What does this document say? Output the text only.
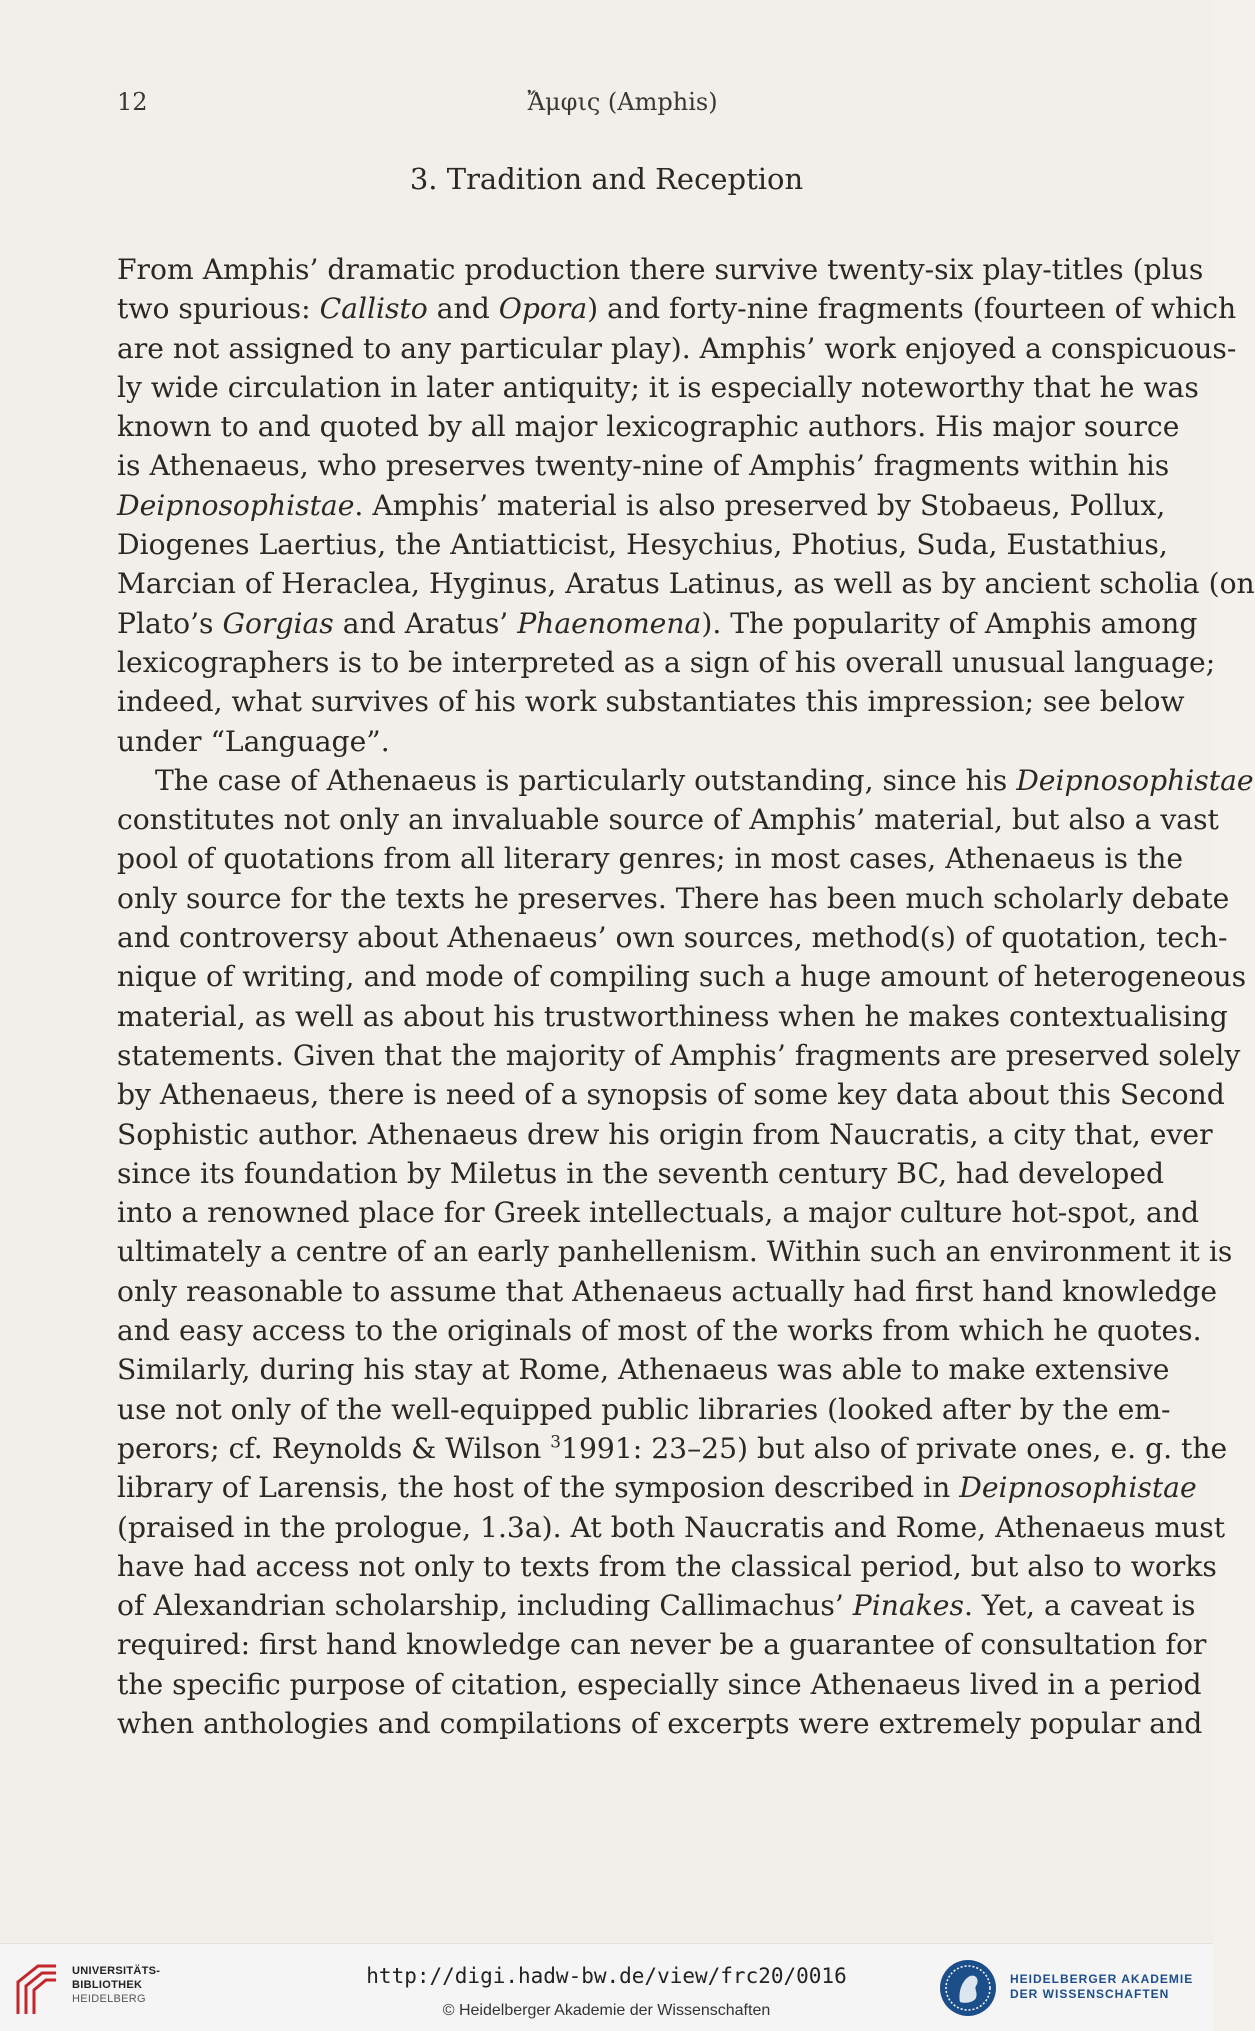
12	Ἄμφις (Amphis)
3. Tradition and Reception
From Amphis’ dramatic production there survive twenty-six play-titles (plus
two spurious: Callisto and Opora) and forty-nine fragments (fourteen of which
are not assigned to any particular play). Amphis’ work enjoyed a conspicuous-
ly wide circulation in later antiquity; it is especially noteworthy that he was
known to and quoted by all major lexicographic authors. His major source
is Athenaeus, who preserves twenty-nine of Amphis’ fragments within his
Deipnosophistae. Amphis’ material is also preserved by Stobaeus, Pollux,
Diogenes Laertius, the Antiatticist, Hesychius, Photius, Suda, Eustathius,
Marcian of Heraclea, Hyginus, Aratus Latinus, as well as by ancient scholia (on
Plato’s Gorgias and Aratus’ Phaenomena). The popularity of Amphis among
lexicographers is to be interpreted as a sign of his overall unusual language;
indeed, what survives of his work substantiates this impression; see below
under “Language”.
The case of Athenaeus is particularly outstanding, since his Deipnosophistae
constitutes not only an invaluable source of Amphis’ material, but also a vast
pool of quotations from all literary genres; in most cases, Athenaeus is the
only source for the texts he preserves. There has been much scholarly debate
and controversy about Athenaeus’ own sources, method(s) of quotation, tech-
nique of writing, and mode of compiling such a huge amount of heterogeneous
material, as well as about his trustworthiness when he makes contextualising
statements. Given that the majority of Amphis’ fragments are preserved solely
by Athenaeus, there is need of a synopsis of some key data about this Second
Sophistic author. Athenaeus drew his origin from Naucratis, a city that, ever
since its foundation by Miletus in the seventh century BC, had developed
into a renowned place for Greek intellectuals, a major culture hot-spot, and
ultimately a centre of an early panhellenism. Within such an environment it is
only reasonable to assume that Athenaeus actually had first hand knowledge
and easy access to the originals of most of the works from which he quotes.
Similarly, during his stay at Rome, Athenaeus was able to make extensive
use not only of the well-equipped public libraries (looked after by the em-
perors; cf. Reynolds & Wilson $^3$1991: 23–25) but also of private ones, e. g. the
library of Larensis, the host of the symposion described in Deipnosophistae
(praised in the prologue, 1.3a). At both Naucratis and Rome, Athenaeus must
have had access not only to texts from the classical period, but also to works
of Alexandrian scholarship, including Callimachus’ Pinakes. Yet, a caveat is
required: first hand knowledge can never be a guarantee of consultation for
the specific purpose of citation, especially since Athenaeus lived in a period
when anthologies and compilations of excerpts were extremely popular and
UNIVERSITÄTS-
BIBLIOTHEK
HEIDELBERG
http://digi.hadw-bw.de/view/frc20/0016
© Heidelberger Akademie der Wissenschaften
HEIDELBERGER AKADEMIE
DER WISSENSCHAFTEN
